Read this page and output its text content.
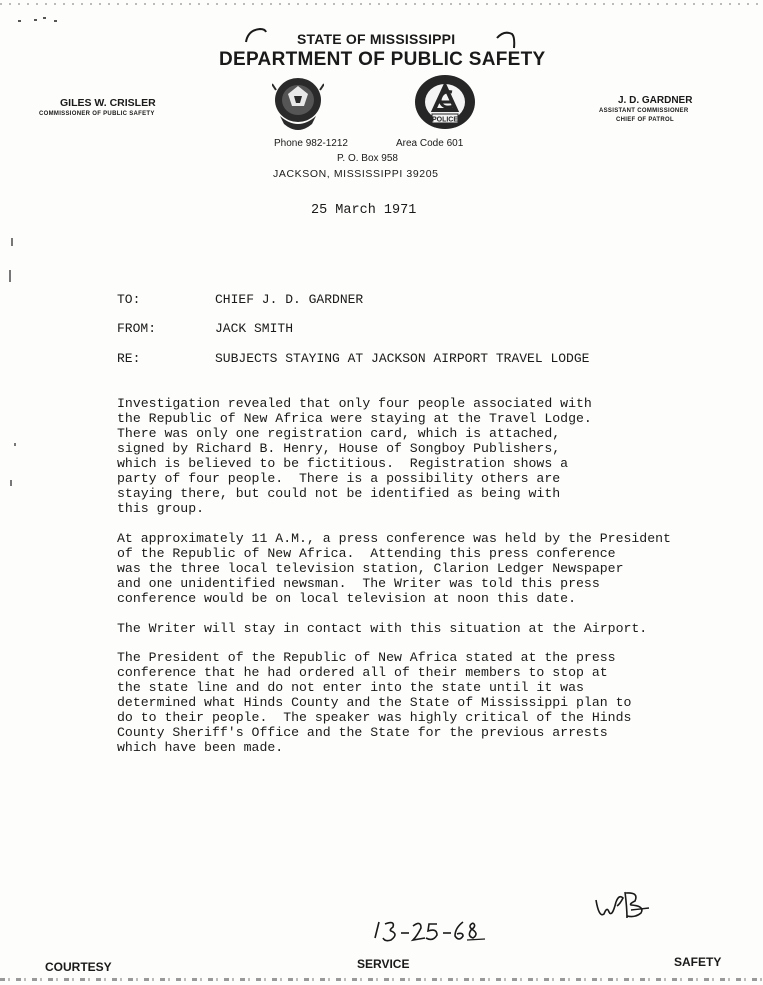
STATE OF MISSISSIPPI
DEPARTMENT OF PUBLIC SAFETY
GILES W. CRISLER
COMMISSIONER OF PUBLIC SAFETY
J. D. GARDNER
ASSISTANT COMMISSIONER
CHIEF OF PATROL
POLICE
Phone 982-1212	Area Code 601
P. O. Box 958
JACKSON, MISSISSIPPI 39205
25 March 1971
TO:	CHIEF J. D. GARDNER
FROM:	JACK SMITH
RE:	SUBJECTS STAYING AT JACKSON AIRPORT TRAVEL LODGE
Investigation revealed that only four people associated with
the Republic of New Africa were staying at the Travel Lodge.
There was only one registration card, which is attached,
signed by Richard B. Henry, House of Songboy Publishers,
which is believed to be fictitious.  Registration shows a
party of four people.  There is a possibility others are
staying there, but could not be identified as being with
this group.
At approximately 11 A.M., a press conference was held by the President
of the Republic of New Africa.  Attending this press conference
was the three local television station, Clarion Ledger Newspaper
and one unidentified newsman.  The Writer was told this press
conference would be on local television at noon this date.
The Writer will stay in contact with this situation at the Airport.
The President of the Republic of New Africa stated at the press
conference that he had ordered all of their members to stop at
the state line and do not enter into the state until it was
determined what Hinds County and the State of Mississippi plan to
do to their people.  The speaker was highly critical of the Hinds
County Sheriff's Office and the State for the previous arrests
which have been made.
COURTESY	SERVICE	SAFETY
